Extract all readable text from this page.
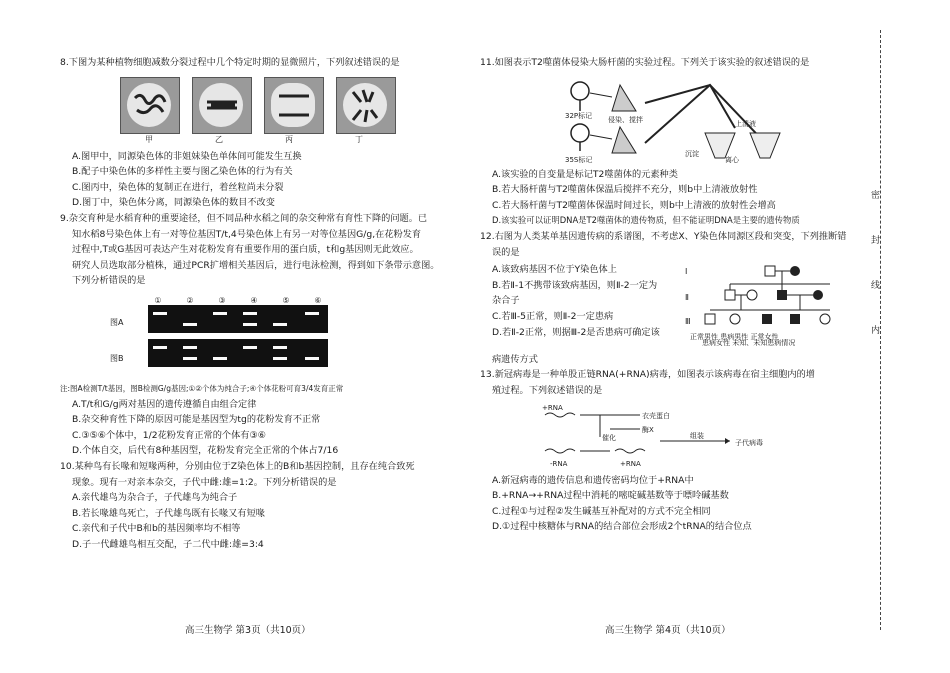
8.下图为某种植物细胞减数分裂过程中几个特定时期的显微照片，下列叙述错误的是
甲	乙	丙	丁
A.图甲中，同源染色体的非姐妹染色单体间可能发生互换
B.配子中染色体的多样性主要与图乙染色体的行为有关
C.图丙中，染色体的复制正在进行，着丝粒尚未分裂
D.图丁中，染色体分离，同源染色体的数目不改变
9.杂交育种是水稻育种的重要途径，但不同品种水稻之间的杂交种常有育性下降的问题。已
知水稻8号染色体上有一对等位基因T/t,4号染色体上有另一对等位基因G/g,在花粉发育
过程中,T或G基因可表达产生对花粉发育有重要作用的蛋白质，t和g基因则无此效应。
研究人员选取部分植株，通过PCR扩增相关基因后，进行电泳检测，得到如下条带示意图。
下列分析错误的是
①	②	③	④	⑤	⑥
图A
图B
注:图A检测T/t基因，图B检测G/g基因;①②个体为纯合子;④个体花粉可育3/4发育正常
A.T/t和G/g两对基因的遗传遵循自由组合定律
B.杂交种育性下降的原因可能是基因型为tg的花粉发育不正常
C.③⑤⑥个体中，1/2花粉发育正常的个体有③⑥
D.个体自交，后代有8种基因型，花粉发育完全正常的个体占7/16
10.某种鸟有长喙和短喙两种，分别由位于Z染色体上的B和b基因控制，且存在纯合致死
现象。现有一对亲本杂交，子代中雌:雄=1:2。下列分析错误的是
A.亲代雄鸟为杂合子，子代雄鸟为纯合子
B.若长喙雄鸟死亡，子代雄鸟既有长喙又有短喙
C.亲代和子代中B和b的基因频率均不相等
D.子一代雌雄鸟相互交配，子二代中雌:雄=3:4
高三生物学 第3页（共10页）
11.如图表示T2噬菌体侵染大肠杆菌的实验过程。下列关于该实验的叙述错误的是
32P标记
35S标记
侵染、搅拌
离心
沉淀
上清液
A.该实验的自变量是标记T2噬菌体的元素种类
B.若大肠杆菌与T2噬菌体保温后搅拌不充分，则b中上清液放射性
C.若大肠杆菌与T2噬菌体保温时间过长，则b中上清液的放射性会增高
D.该实验可以证明DNA是T2噬菌体的遗传物质，但不能证明DNA是主要的遗传物质
12.右图为人类某单基因遗传病的系谱图，不考虑X、Y染色体同源区段和突变，下列推断错
误的是
A.该致病基因不位于Y染色体上
B.若Ⅱ-1不携带该致病基因，则Ⅱ-2一定为
杂合子
C.若Ⅲ-5正常，则Ⅱ-2一定患病
D.若Ⅱ-2正常，则据Ⅲ-2是否患病可确定该
Ⅰ
Ⅱ
Ⅲ
正常男性 患病男性 正常女性
患病女性 未知、未知患病情况
病遗传方式
13.新冠病毒是一种单股正链RNA(+RNA)病毒，如图表示该病毒在宿主细胞内的增
殖过程。下列叙述错误的是
+RNA
衣壳蛋白
酶X
催化
-RNA	+RNA
组装
子代病毒
A.新冠病毒的遗传信息和遗传密码均位于+RNA中
B.+RNA→+RNA过程中消耗的嘧啶碱基数等于嘌呤碱基数
C.过程①与过程②发生碱基互补配对的方式不完全相同
D.①过程中核糖体与RNA的结合部位会形成2个tRNA的结合位点
高三生物学 第4页（共10页）
密
封
线
内
